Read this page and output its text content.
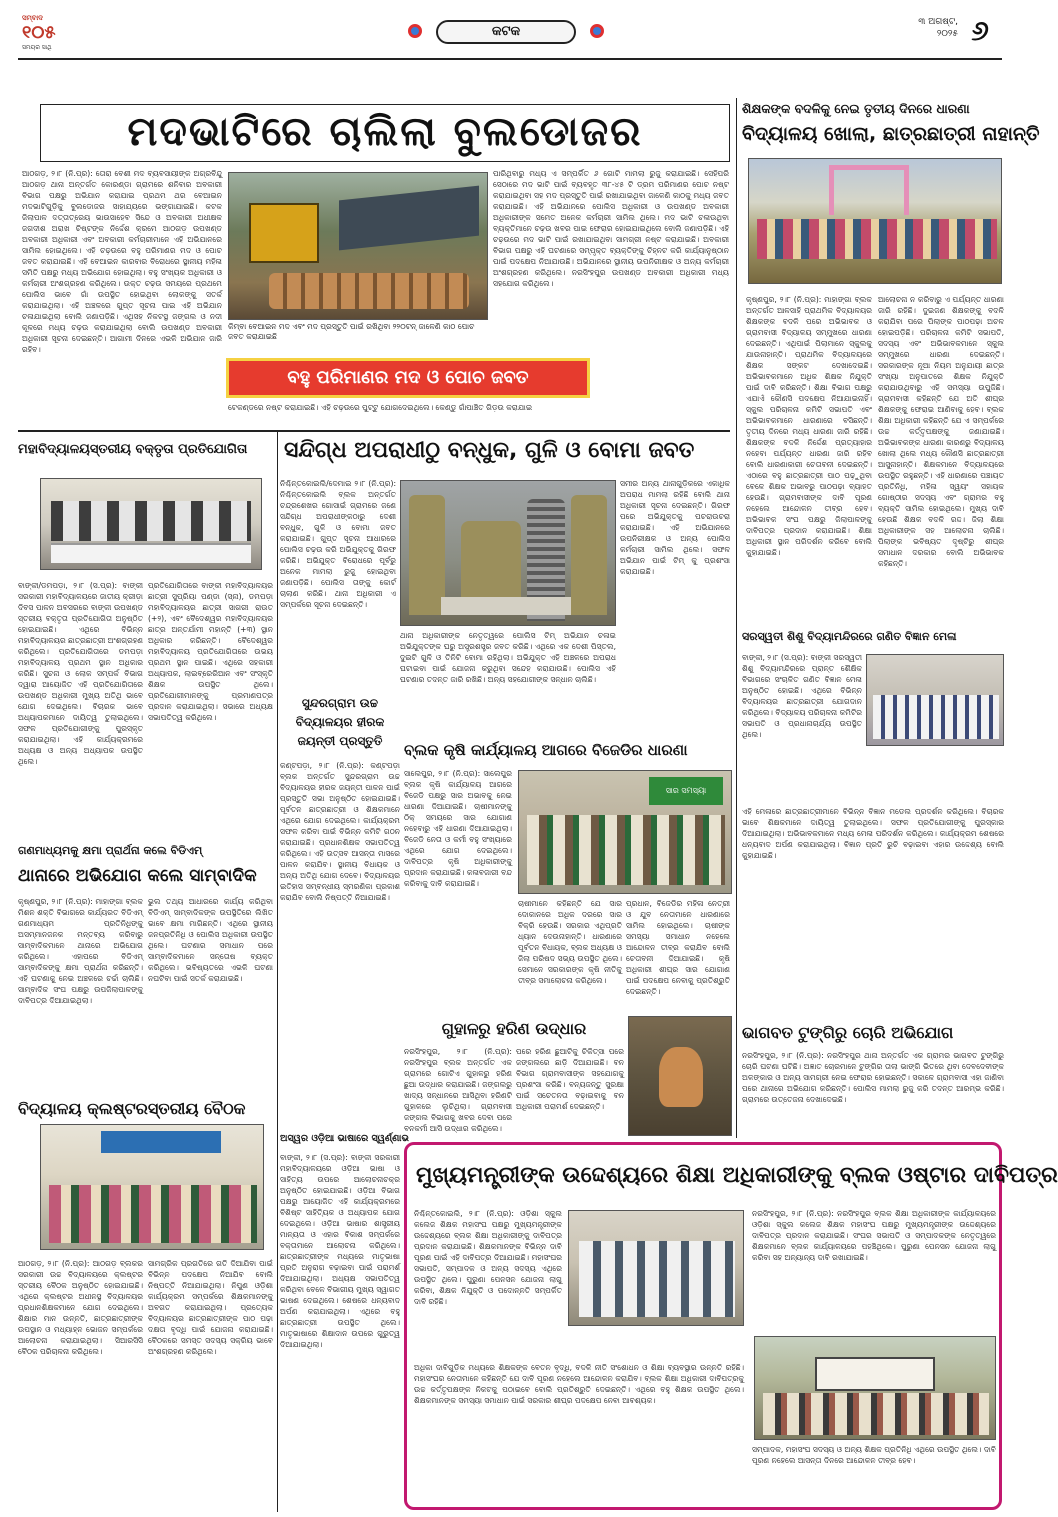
ସମ୍ବାଦ
୧୦୫
ସମୟର ସାଥି
କଟକ
୩ ଅଗଷ୍ଟ,
୨୦୨୫ ୬
ମଦଭାଟିରେ ଚାଲିଲା ବୁଲଡୋଜର
ଆଠଗଡ଼, ୨।୮ (ନି.ପ୍ର): ତୋରା ବେଶୀ ମଦ ବ୍ୟବସାୟୀଙ୍କ ଅଗ୍ରବିନ୍ଦୁ ଆଠଗଡ଼ ଥାନା ଅନ୍ତର୍ଗତ କୋରଣ୍ଡା ଗ୍ରାମରେ ଶନିବାର ଅବକାରୀ ବିଭାଗ ପକ୍ଷରୁ ଅଭିଯାନ କରାଯାଇ ପ୍ରଥମ ଥର ବେଆଇନ ମଦଭାଟିଗୁଡ଼ିକୁ ବୁଲଡୋଜର ସାହାଯ୍ୟରେ ଭଙ୍ଗାଯାଇଛି। କଟକ ଜିଲାପାଳ ଦତ୍ତାତ୍ରେୟ ଭାଉସାହେବ ସିନ୍ଦେ ଓ ଅବକାରୀ ଅଧୀକ୍ଷକ ଜଗଦୀଶ ଅରାଖ ଚିଷ୍ଟଙ୍କ ନିର୍ଦ୍ଦେଶ କ୍ରମେ ଆଠଗଡ଼ ଉପଖଣ୍ଡ ଅବକାରୀ ଅଧିକାରୀ ଏବଂ ଅବକାରୀ କର୍ମଚାରୀମାନେ ଏହି ଅଭିଯାନରେ ସାମିଲ ହୋଇଥିଲେ। ଏହି ଚଢ଼ଉରେ ବହୁ ପରିମାଣର ମଦ ଓ ପୋଚ ଜବତ କରାଯାଇଛି। ଏହି ବେଆଇନ କାରବାର ବିରୋଧରେ ସ୍ଥାନୀୟ ମହିଳା ସମିତି ପକ୍ଷରୁ ମଧ୍ୟ ଅଭିଯୋଗ ହୋଇଥିଲା। ବହୁ ସଂଖ୍ୟକ ଅଧିକାରୀ ଓ କର୍ମଚାରୀ ଅଂଶଗ୍ରହଣ କରିଥିଲେ। ଉକ୍ତ ଚଢ଼ଉ ସମୟରେ ପ୍ରଥମେ ପୋଲିସ ଭାବେ ଗାଁ ଉପସ୍ଥିତ ହୋଇଥିବା ଲୋକଙ୍କୁ ସତର୍କ କରାଯାଇଥିଲା। ଏହି ଅଞ୍ଚଳରେ ଗୁପ୍ତ ସୂଚନା ପାଇ ଏହି ଅଭିଯାନ ଚଳାଯାଇଥିଲା ବୋଲି ଜଣାପଡ଼ିଛି। ଏଥିସହ ନିକଟସ୍ଥ ଜଙ୍ଗଲ ଓ ନଦୀ କୂଳରେ ମଧ୍ୟ ଚଢ଼ଉ କରାଯାଇଥିଲା ବୋଲି ଉପଖଣ୍ଡ ଅବକାରୀ ଅଧିକାରୀ ସୂଚନା ଦେଇଛନ୍ତି। ଆଗାମୀ ଦିନରେ ଏଭଳି ଅଭିଯାନ ଜାରି ରହିବ।
କିମ୍ବା ବେଆଇନ ମଦ ଏବଂ ମଦ ପ୍ରସ୍ତୁତି ପାଇଁ ରଖିଥିବା ୨୨୦ଟନ୍ ଜାଳେଣି କାଠ ପୋଚ ଜବତ କରାଯାଇଛି
ପାରିଥିବାରୁ ମଧ୍ୟ ଏ ସମ୍ପର୍କିତ ୬ ଗୋଟି ମାମଲା ରୁଜୁ କରାଯାଇଛି। ସେହିପରି ସେଠାରେ ମଦ ଭାଟି ପାଇଁ ବ୍ୟବହୃତ ୩୮-୪୫ ଟି ଡ୍ରମ ପରିମାଣର ପୋଚ ନଷ୍ଟ କରାଯାଇଥିବା ସହ ମଦ ପ୍ରସ୍ତୁତି ପାଇଁ ରଖାଯାଇଥିବା ଜାଳେଣି କାଠକୁ ମଧ୍ୟ ଜବତ କରାଯାଇଛି। ଏହି ଅଭିଯାନରେ ପୋଲିସ ଅଧିକାରୀ ଓ ଉପଖଣ୍ଡ ଅବକାରୀ ଅଧିକାରୀଙ୍କ ସମେତ ଅନେକ କର୍ମଚାରୀ ସାମିଲ ଥିଲେ। ମଦ ଭାଟି ଚଳାଉଥିବା ବ୍ୟକ୍ତିମାନେ ଚଢ଼ଉ ଖବର ପାଇ ଫେରାର ହୋଇଯାଇଥିଲେ ବୋଲି ଜଣାପଡ଼ିଛି। ଏହି ଚଢ଼ଉରେ ମଦ ଭାଟି ପାଇଁ ରଖାଯାଇଥିବା ସାମଗ୍ରୀ ନଷ୍ଟ କରାଯାଇଛି। ଅବକାରୀ ବିଭାଗ ପକ୍ଷରୁ ଏହି ଘଟଣାରେ ସମ୍ପୃକ୍ତ ବ୍ୟକ୍ତିଙ୍କୁ ଚିହ୍ନଟ କରି କାର୍ଯ୍ୟାନୁଷ୍ଠାନ ପାଇଁ ପଦକ୍ଷେପ ନିଆଯାଉଛି। ଅଭିଯାନରେ ସ୍ଥାନୀୟ ଉପନିରୀକ୍ଷକ ଓ ଅନ୍ୟ କର୍ମଚାରୀ ଅଂଶଗ୍ରହଣ କରିଥିଲେ। ନରସିଂହପୁର ଉପଖଣ୍ଡ ଅବକାରୀ ଅଧିକାରୀ ମଧ୍ୟ ସହଯୋଗ କରିଥିଲେ।
ବହୁ ପରିମାଣର ମଦ ଓ ପୋଚ ଜବତ
ଟେକଣ୍ଡରେ ନଷ୍ଟ କରାଯାଇଛି। ଏହି ଚଢ଼ଉରେ ପୁଟ୍ଟୁ ଯୋଗଦେଇଥିଲେ। କେଣ୍ଡୁ ଗାଁପାଞ୍ଚିତ ଗିଡ଼ଉ କରାଯାଇ
ଶିକ୍ଷକଙ୍କ ବଦଳିକୁ ନେଇ ତୃତୀୟ ଦିନରେ ଧାରଣା
ବିଦ୍ୟାଳୟ ଖୋଲା, ଛାତ୍ରଛାତ୍ରୀ ନାହାନ୍ତି
କୃଷ୍ଣପୁର, ୨।୮ (ନି.ପ୍ର): ମାହାଙ୍ଗା ବ୍ଲକ ଅନ୍ତର୍ଗତ ଆଳସାହି ପ୍ରାଥମିକ ବିଦ୍ୟାଳୟର ଶିକ୍ଷକଙ୍କ ବଦଳି ପରେ ଅଭିଭାବକ ଓ ଗ୍ରାମବାସୀ ବିଦ୍ୟାଳୟ ସମ୍ମୁଖରେ ଧାରଣା ଦେଇଛନ୍ତି। ଏଥିପାଇଁ ପିଲାମାନେ ସ୍କୁଲକୁ ଯାଉନାହାନ୍ତି। ପ୍ରାଥମିକ ବିଦ୍ୟାଳୟରେ ଶିକ୍ଷକ ସଙ୍କଟ ଦେଖାଦେଇଛି। ଅଭିଭାବକମାନେ ଅଧିକ ଶିକ୍ଷକ ନିଯୁକ୍ତି ପାଇଁ ଦାବି କରିଛନ୍ତି। ଶିକ୍ଷା ବିଭାଗ ପକ୍ଷରୁ ଏଯାଏଁ କୌଣସି ପଦକ୍ଷେପ ନିଆଯାଇନାହିଁ। ସ୍କୁଲ ପରିଚାଳନା କମିଟି ସଭାପତି ଏବଂ ଅଭିଭାବକମାନେ ଧାରଣାରେ ବସିଛନ୍ତି। ତୃତୀୟ ଦିନରେ ମଧ୍ୟ ଧାରଣା ଜାରି ରହିଛି। ଶିକ୍ଷକଙ୍କ ବଦଳି ନିର୍ଦ୍ଦେଶ ପ୍ରତ୍ୟାହାର ନହେବା ପର୍ଯ୍ୟନ୍ତ ଧାରଣା ଜାରି ରହିବ ବୋଲି ଧାରଣାକାରୀ ଚେତାବନୀ ଦେଇଛନ୍ତି। ଏଠାରେ ବହୁ ଛାତ୍ରଛାତ୍ରୀ ପାଠ ପଢ଼ୁଥିବା ବେଳେ ଶିକ୍ଷକ ଅଭାବରୁ ପାଠପଢ଼ା ବ୍ୟାହତ ହେଉଛି। ଗ୍ରାମବାସୀଙ୍କ ଦାବି ପୂରଣ ନହେଲେ ଆନ୍ଦୋଳନ ତୀବ୍ର ହେବ। ଅଭିଭାବକ ସଂଘ ପକ୍ଷରୁ ଜିଲାପାଳଙ୍କୁ ଦାବିପତ୍ର ପ୍ରଦାନ କରାଯାଇଛି। ଶିକ୍ଷା ଅଧିକାରୀ ସ୍ଥାନ ପରିଦର୍ଶନ କରିବେ ବୋଲି କୁହାଯାଇଛି।
ଆଲୋଚନା ନ କରିବାରୁ ଏ ପର୍ଯ୍ୟନ୍ତ ଧାରଣା ଜାରି ରହିଛି। ଦୁଇଜଣ ଶିକ୍ଷକଙ୍କୁ ବଦଳି କରାଯିବା ପରେ ପିଲାଙ୍କ ପାଠପଢ଼ା ଅଚଳ ହୋଇପଡ଼ିଛି। ପରିଚାଳନା କମିଟି ସଭାପତି, ସଦସ୍ୟ ଏବଂ ଅଭିଭାବକମାନେ ସ୍କୁଲ ସମ୍ମୁଖରେ ଧାରଣା ଦେଇଛନ୍ତି। ସରକାରଙ୍କ ନୂଆ ନିୟମ ଅନୁଯାୟୀ ଛାତ୍ର ସଂଖ୍ୟା ଅନୁପାତରେ ଶିକ୍ଷକ ନିଯୁକ୍ତି କରାଯାଉଥିବାରୁ ଏହି ସମସ୍ୟା ଉପୁଜିଛି। ଗ୍ରାମବାସୀ କହିଛନ୍ତି ଯେ ଅତି ଶୀଘ୍ର ଶିକ୍ଷକଙ୍କୁ ଫେରାଇ ଆଣିବାକୁ ହେବ। ବ୍ଲକ ଶିକ୍ଷା ଅଧିକାରୀ କହିଛନ୍ତି ଯେ ଏ ସମ୍ପର୍କରେ ଉଚ୍ଚ କର୍ତ୍ତୃପକ୍ଷଙ୍କୁ ଜଣାଯାଇଛି। ଅଭିଭାବକଙ୍କ ଧାରଣା କାରଣରୁ ବିଦ୍ୟାଳୟ ଖୋଲା ଥିଲେ ମଧ୍ୟ କୌଣସି ଛାତ୍ରଛାତ୍ରୀ ଆସୁନାହାନ୍ତି। ଶିକ୍ଷକମାନେ ବିଦ୍ୟାଳୟରେ ଉପସ୍ଥିତ ରହୁଛନ୍ତି। ଏହି ଧାରଣାରେ ପଞ୍ଚାୟତ ପ୍ରତିନିଧି, ମହିଳା ସ୍ୱୟଂ ସହାୟକ ଗୋଷ୍ଠୀର ସଦସ୍ୟ ଏବଂ ଗ୍ରାମର ବହୁ ବ୍ୟକ୍ତି ସାମିଲ ହୋଇଥିଲେ। ମୁଖ୍ୟ ଦାବି ହେଉଛି ଶିକ୍ଷକ ବଦଳି ରଦ୍ଦ। ଜିଲା ଶିକ୍ଷା ଅଧିକାରୀଙ୍କ ସହ ଆଲୋଚନା ଚାଲିଛି। ପିଲାଙ୍କ ଭବିଷ୍ୟତ ଦୃଷ୍ଟିରୁ ଶୀଘ୍ର ସମାଧାନ ଦରକାର ବୋଲି ଅଭିଭାବକ କହିଛନ୍ତି।
ମହାବିଦ୍ୟାଳୟସ୍ତରୀୟ ବକ୍ତୃତା ପ୍ରତିଯୋଗିତା
ବାଙ୍କୀ/ଡମପଡ଼ା, ୨।୮ (ସ.ପ୍ର): ବାଙ୍କୀ ସରକାରୀ ମହାବିଦ୍ୟାଳୟରେ ଜାତୀୟ କ୍ରୀଡ଼ା ଦିବସ ପାଳନ ଅବସରରେ ବାଙ୍କୀ ଉପଖଣ୍ଡ ସ୍ତରୀୟ ବକ୍ତୃତା ପ୍ରତିଯୋଗିତା ଅନୁଷ୍ଠିତ ହୋଇଯାଇଛି। ଏଥିରେ ବିଭିନ୍ନ ମହାବିଦ୍ୟାଳୟର ଛାତ୍ରଛାତ୍ରୀ ଅଂଶଗ୍ରହଣ କରିଥିଲେ। ପ୍ରତିଯୋଗିତାରେ ଡମପଡ଼ା ମହାବିଦ୍ୟାଳୟ ପ୍ରଥମ ସ୍ଥାନ ଅଧିକାର କରିଛି। ସୁଚନା ଓ ଲୋକ ସମ୍ପର୍କ ବିଭାଗ ଦ୍ୱାରା ଆୟୋଜିତ ଏହି ପ୍ରତିଯୋଗିତାରେ ଉପଖଣ୍ଡ ଅଧିକାରୀ ମୁଖ୍ୟ ଅତିଥି ଭାବେ ଯୋଗ ଦେଇଥିଲେ। ବିଚାରକ ଭାବେ ଅଧ୍ୟାପକମାନେ ଦାୟିତ୍ୱ ତୁଲାଇଥିଲେ। ସଫଳ ପ୍ରତିଯୋଗୀଙ୍କୁ ପୁରସ୍କୃତ କରାଯାଇଥିଲା। ଏହି କାର୍ଯ୍ୟକ୍ରମରେ ଅଧ୍ୟକ୍ଷ ଓ ଅନ୍ୟ ଅଧ୍ୟାପକ ଉପସ୍ଥିତ ଥିଲେ।
ପ୍ରତିଯୋଗିତାରେ ବାଙ୍କୀ ମହାବିଦ୍ୟାଳୟର ଛାତ୍ରୀ ସୁପ୍ରିୟା ପଣ୍ଡା (ସ୍ନା), ଡମପଡ଼ା ମହାବିଦ୍ୟାଳୟର ଛାତ୍ରୀ ସାଗରୀ ରାଉତ (+୨), ଏବଂ ବୈଦେଶ୍ୱର ମହାବିଦ୍ୟାଳୟର ଛାତ୍ର ଅନ୍ତର୍ଯାମୀ ମହାନ୍ତି (+୩) ସ୍ଥାନ ଅଧିକାର କରିଛନ୍ତି। ବୈଦେଶ୍ୱର ମହାବିଦ୍ୟାଳୟ ପ୍ରତିଯୋଗିତାରେ ଉଭୟ ପ୍ରଥମ ସ୍ଥାନ ପାଇଛି। ଏଥିରେ ସହକାରୀ ଅଧ୍ୟାପକ, ଲାଇବ୍ରେରିଆନ ଏବଂ ସଂସ୍କୃତି ଶିକ୍ଷକ ଉପସ୍ଥିତ ଥିଲେ। ପ୍ରତିଯୋଗୀମାନଙ୍କୁ ପ୍ରମାଣପତ୍ର ପ୍ରଦାନ କରାଯାଇଥିଲା। ସଭାରେ ଅଧ୍ୟକ୍ଷ ସଭାପତିତ୍ୱ କରିଥିଲେ।
ସନ୍ଦିଗ୍ଧ ଅପରାଧୀଠୁ ବନ୍ଧୁକ, ଗୁଳି ଓ ବୋମା ଜବତ
ନିଶ୍ଚିନ୍ତକୋଇଲି/ଦେମାଇ ୨।୮ (ନି.ପ୍ର): ନିଶ୍ଚିନ୍ତକୋଇଲି ବ୍ଲକ ଅନ୍ତର୍ଗତ ଚନ୍ଦ୍ରଶେଖର ଗୋସାଇଁ ଗ୍ରାମରେ ଜଣେ ସନ୍ଦିଗ୍ଧ ଅପରାଧୀଙ୍କଠାରୁ ଦେଶୀ ବନ୍ଧୁକ, ଗୁଳି ଓ ବୋମା ଜବତ କରାଯାଇଛି। ଗୁପ୍ତ ସୂଚନା ଆଧାରରେ ପୋଲିସ ଚଢ଼ଉ କରି ଅଭିଯୁକ୍ତକୁ ଗିରଫ କରିଛି। ଅଭିଯୁକ୍ତ ବିରୋଧରେ ପୂର୍ବରୁ ଅନେକ ମାମଲା ରୁଜୁ ହୋଇଥିବା ଜଣାପଡ଼ିଛି। ପୋଲିସ ତାଙ୍କୁ କୋର୍ଟ ଚାଲାଣ କରିଛି। ଥାନା ଅଧିକାରୀ ଏ ସମ୍ପର୍କରେ ସୂଚନା ଦେଇଛନ୍ତି।
ଥାନା ଅଧିକାରୀଙ୍କ ନେତୃତ୍ୱରେ ପୋଲିସ ଟିମ୍ ଅଭିଯାନ ଚଳାଇ ଅଭିଯୁକ୍ତଙ୍କ ଘରୁ ଅସ୍ତ୍ରଶସ୍ତ୍ର ଜବତ କରିଛି। ଏଥିରେ ଏକ ଦେଶୀ ପିସ୍ତଲ, ଦୁଇଟି ଗୁଳି ଓ ତିନିଟି ବୋମା ରହିଥିଲା। ଅଭିଯୁକ୍ତ ଏହି ଅଞ୍ଚଳରେ ଅପରାଧ ଘଟାଇବା ପାଇଁ ଯୋଜନା କରୁଥିବା ସନ୍ଦେହ କରାଯାଉଛି। ପୋଲିସ ଏହି ଘଟଣାର ତଦନ୍ତ ଜାରି ରଖିଛି। ଅନ୍ୟ ସହଯୋଗୀଙ୍କ ସନ୍ଧାନ ଚାଲିଛି।
ସମୀର ଅନ୍ୟ ଥାନାଗୁଡ଼ିକରେ ଏକାଧିକ ଅପରାଧ ମାମଲା ରହିଛି ବୋଲି ଥାନା ଅଧିକାରୀ ସୂଚନା ଦେଇଛନ୍ତି। ଗିରଫ ପରେ ଅଭିଯୁକ୍ତକୁ ପଚରାଉଚରା କରାଯାଇଛି। ଏହି ଅଭିଯାନରେ ଉପନିରୀକ୍ଷକ ଓ ଅନ୍ୟ ପୋଲିସ କର୍ମଚାରୀ ସାମିଲ ଥିଲେ। ସଫଳ ଅଭିଯାନ ପାଇଁ ଟିମ୍ କୁ ପ୍ରଶଂସା କରାଯାଇଛି।
ସୁନ୍ଦରଗ୍ରାମ ଉଚ୍ଚ
ବିଦ୍ୟାଳୟର ହୀରକ
ଜୟନ୍ତୀ ପ୍ରସ୍ତୁତି
କଣ୍ଟପଡ଼ା, ୨।୮ (ନି.ପ୍ର): କଣ୍ଟପଡ଼ା ବ୍ଲକ ଅନ୍ତର୍ଗତ ସୁନ୍ଦରଗ୍ରାମ ଉଚ୍ଚ ବିଦ୍ୟାଳୟର ହୀରକ ଜୟନ୍ତୀ ପାଳନ ପାଇଁ ପ୍ରସ୍ତୁତି ସଭା ଅନୁଷ୍ଠିତ ହୋଇଯାଇଛି। ପୂର୍ବତନ ଛାତ୍ରଛାତ୍ରୀ ଓ ଶିକ୍ଷକମାନେ ଏଥିରେ ଯୋଗ ଦେଇଥିଲେ। କାର୍ଯ୍ୟକ୍ରମ ସଫଳ କରିବା ପାଇଁ ବିଭିନ୍ନ କମିଟି ଗଠନ କରାଯାଇଛି। ପ୍ରଧାନଶିକ୍ଷକ ସଭାପତିତ୍ୱ କରିଥିଲେ। ଏହି ଉତ୍ସବ ଆସନ୍ତା ମାସରେ ପାଳନ କରାଯିବ। ସ୍ଥାନୀୟ ବିଧାୟକ ଓ ଅନ୍ୟ ଅତିଥି ଯୋଗ ଦେବେ। ବିଦ୍ୟାଳୟର ଇତିହାସ ସମ୍ବନ୍ଧୀୟ ସ୍ମରଣିକା ପ୍ରକାଶ କରାଯିବ ବୋଲି ନିଷ୍ପତ୍ତି ନିଆଯାଇଛି।
ବ୍ଲକ କୃଷି କାର୍ଯ୍ୟାଳୟ ଆଗରେ ବିଜେଡିର ଧାରଣା
ସାଲେପୁର, ୨।୮ (ନି.ପ୍ର): ସାଲେପୁର ବ୍ଲକ କୃଷି କାର୍ଯ୍ୟାଳୟ ଆଗରେ ବିଜେଡି ପକ୍ଷରୁ ସାର ଅଭାବକୁ ନେଇ ଧାରଣା ଦିଆଯାଇଛି। ଚାଷୀମାନଙ୍କୁ ଠିକ୍ ସମୟରେ ସାର ଯୋଗାଣ ନହେବାରୁ ଏହି ଧାରଣା ଦିଆଯାଇଥିଲା। ବିଜେଡି ନେତା ଓ କର୍ମୀ ବହୁ ସଂଖ୍ୟାରେ ଏଥିରେ ଯୋଗ ଦେଇଥିଲେ। ଦାବିପତ୍ର କୃଷି ଅଧିକାରୀଙ୍କୁ ପ୍ରଦାନ କରାଯାଇଛି। କଳାବଜାରୀ ବନ୍ଦ କରିବାକୁ ଦାବି କରାଯାଇଛି।
ସାର ସମସ୍ୟା
ଚାଷୀମାନେ କହିଛନ୍ତି ଯେ ସାର ଦୋକାନରେ ଅଧିକ ଦରରେ ସାର ବିକ୍ରି ହେଉଛି। ସରକାର ଏଥିପ୍ରତି ଧ୍ୟାନ ଦେଉନାହାନ୍ତି। ଧାରଣାରେ ପୂର୍ବତନ ବିଧାୟକ, ବ୍ଲକ ଅଧ୍ୟକ୍ଷ ଓ ଜିଲା ପରିଷଦ ସଭ୍ୟ ଉପସ୍ଥିତ ଥିଲେ। ସେମାନେ ସରକାରଙ୍କ କୃଷି ନୀତିକୁ ତୀବ୍ର ସମାଲୋଚନା କରିଥିଲେ।
ପ୍ରଧାନ, ବିଜେଡିର ମହିଳା ନେତ୍ରୀ ଓ ଯୁବ ନେତାମାନେ ଧାରଣାରେ ସାମିଲ ହୋଇଥିଲେ। ଚାଷୀଙ୍କ ସମସ୍ୟା ସମାଧାନ ନହେଲେ ଆନ୍ଦୋଳନ ତୀବ୍ର କରାଯିବ ବୋଲି ଚେତାବନୀ ଦିଆଯାଇଛି। କୃଷି ଅଧିକାରୀ ଶୀଘ୍ର ସାର ଯୋଗାଣ ପାଇଁ ପଦକ୍ଷେପ ନେବାକୁ ପ୍ରତିଶ୍ରୁତି ଦେଇଛନ୍ତି।
ସରସ୍ୱତୀ ଶିଶୁ ବିଦ୍ୟାମନ୍ଦିରରେ ଗଣିତ ବିଜ୍ଞାନ ମେଳା
ବାଙ୍କୀ, ୨।୮ (ସ.ପ୍ର): ବାଙ୍କୀ ସରସ୍ୱତୀ ଶିଶୁ ବିଦ୍ୟାମନ୍ଦିରରେ ପ୍ରାନ୍ତ ଶୈକ୍ଷିକ ବିଭାଗରେ ସଂଚାଳିତ ଗଣିତ ବିଜ୍ଞାନ ମେଳା ଅନୁଷ୍ଠିତ ହୋଇଛି। ଏଥିରେ ବିଭିନ୍ନ ବିଦ୍ୟାଳୟର ଛାତ୍ରଛାତ୍ରୀ ଯୋଗଦାନ କରିଥିଲେ। ବିଦ୍ୟାଳୟ ପରିଚାଳନା କମିଟିର ସଭାପତି ଓ ପ୍ରଧାନାଚାର୍ଯ୍ୟ ଉପସ୍ଥିତ ଥିଲେ।
ଏହି ମେଳାରେ ଛାତ୍ରଛାତ୍ରୀମାନେ ବିଭିନ୍ନ ବିଜ୍ଞାନ ମଡେଲ ପ୍ରଦର୍ଶନ କରିଥିଲେ। ବିଚାରକ ଭାବେ ଶିକ୍ଷକମାନେ ଦାୟିତ୍ୱ ତୁଲାଇଥିଲେ। ସଫଳ ପ୍ରତିଯୋଗୀଙ୍କୁ ପୁରସ୍କାର ଦିଆଯାଇଥିଲା। ଅଭିଭାବକମାନେ ମଧ୍ୟ ମେଳା ପରିଦର୍ଶନ କରିଥିଲେ। କାର୍ଯ୍ୟକ୍ରମ ଶେଷରେ ଧନ୍ୟବାଦ ଅର୍ପଣ କରାଯାଇଥିଲା। ବିଜ୍ଞାନ ପ୍ରତି ରୁଚି ବଢ଼ାଇବା ଏହାର ଉଦ୍ଦେଶ୍ୟ ବୋଲି କୁହାଯାଇଛି।
ଗଣମାଧ୍ୟମକୁ କ୍ଷମା ପ୍ରାର୍ଥନା କଲେ ବିଡିଏମ୍
ଥାନାରେ ଅଭିଯୋଗ କଲେ ସାମ୍ବାଦିକ
କୃଷ୍ଣପୁର, ୨।୮ (ନି.ପ୍ର): ମାହାଙ୍ଗା ବ୍ଲକ ମିଶନ ଶକ୍ତି ବିଭାଗରେ କାର୍ଯ୍ୟରତ ବିଡିଏମ୍ ଗଣମାଧ୍ୟମ ପ୍ରତିନିଧିଙ୍କୁ ଅସମ୍ମାନଜନକ ମନ୍ତବ୍ୟ କରିବାରୁ ସାମ୍ବାଦିକମାନେ ଥାନାରେ ଅଭିଯୋଗ କରିଥିଲେ। ଏହାପରେ ବିଡିଏମ୍ ସାମ୍ବାଦିକଙ୍କୁ କ୍ଷମା ପ୍ରାର୍ଥନା କରିଛନ୍ତି। ଏହି ଘଟଣାକୁ ନେଇ ଅଞ୍ଚଳରେ ଚର୍ଚ୍ଚା ଚାଲିଛି। ସାମ୍ବାଦିକ ସଂଘ ପକ୍ଷରୁ ଉପଜିଲାପାଳଙ୍କୁ ଦାବିପତ୍ର ଦିଆଯାଇଥିଲା।
ଭୁଲ ତଥ୍ୟ ଆଧାରରେ କାର୍ଯ୍ୟ କରିଥିବା ବିଡିଏମ୍ ସାମ୍ବାଦିକଙ୍କ ଉପସ୍ଥିତିରେ ଲିଖିତ ଭାବେ କ୍ଷମା ମାଗିଛନ୍ତି। ଏଥିରେ ସ୍ଥାନୀୟ ଜନପ୍ରତିନିଧି ଓ ପୋଲିସ ଅଧିକାରୀ ଉପସ୍ଥିତ ଥିଲେ। ଘଟଣାର ସମାଧାନ ପରେ ସାମ୍ବାଦିକମାନେ ସନ୍ତୋଷ ବ୍ୟକ୍ତ କରିଥିଲେ। ଭବିଷ୍ୟତରେ ଏଭଳି ଘଟଣା ନଘଟିବା ପାଇଁ ସତର୍କ କରାଯାଇଛି।
ଗୁହାଳରୁ ହରିଣ ଉଦ୍ଧାର
ନରସିଂହପୁର, ୨।୮ (ନି.ପ୍ର): ନରସିଂହପୁର ବ୍ଲକ ଅନ୍ତର୍ଗତ ଏକ ଗ୍ରାମରେ ଗୋଟିଏ ଗୁହାଳରୁ ହରିଣ ଛୁଆ ଉଦ୍ଧାର କରାଯାଇଛି। ଜଙ୍ଗଲରୁ ଖାଦ୍ୟ ସନ୍ଧାନରେ ଆସିଥିବା ହରିଣଟି ଗୁହାଳରେ ଲୁଚିଥିଲା। ଗ୍ରାମବାସୀ ଜଙ୍ଗଲ ବିଭାଗକୁ ଖବର ଦେବା ପରେ ବନକର୍ମୀ ଆସି ଉଦ୍ଧାର କରିଥିଲେ।
ପରେ ହରିଣ ଛୁଆଟିକୁ ଚିକିତ୍ସା ପରେ ଜଙ୍ଗଲରେ ଛାଡ଼ି ଦିଆଯାଇଛି। ବନ ବିଭାଗ ଗ୍ରାମବାସୀଙ୍କ ସହଯୋଗକୁ ପ୍ରଶଂସା କରିଛି। ବନ୍ୟଜନ୍ତୁ ସୁରକ୍ଷା ପାଇଁ ସଚେତନତା ବଢ଼ାଇବାକୁ ବନ ଅଧିକାରୀ ପରାମର୍ଶ ଦେଇଛନ୍ତି।
ଭାଗବତ ଟୁଙ୍ଗିରୁ ଚୋରି ଅଭିଯୋଗ
ନରସିଂହପୁର, ୨।୮ (ନି.ପ୍ର): ନରସିଂହପୁର ଥାନା ଅନ୍ତର୍ଗତ ଏକ ଗ୍ରାମର ଭାଗବତ ଟୁଙ୍ଗିରୁ ଚୋରି ଘଟଣା ଘଟିଛି। ଅଜ୍ଞାତ ଚୋରମାନେ ଟୁଙ୍ଗିର ତାଲା ଭାଙ୍ଗି ଭିତରେ ଥିବା ଦେବଦେବୀଙ୍କ ଅଳଙ୍କାର ଓ ଅନ୍ୟ ସାମଗ୍ରୀ ନେଇ ଫେରାର ହୋଇଛନ୍ତି। ସକାଳେ ଗ୍ରାମବାସୀ ଏହା ଜାଣିବା ପରେ ଥାନାରେ ଅଭିଯୋଗ କରିଛନ୍ତି। ପୋଲିସ ମାମଲା ରୁଜୁ କରି ତଦନ୍ତ ଆରମ୍ଭ କରିଛି। ଗ୍ରାମରେ ଉତ୍ତେଜନା ଦେଖାଦେଇଛି।
ବିଦ୍ୟାଳୟ କ୍ଲଷ୍ଟରସ୍ତରୀୟ ବୈଠକ
ଆଠଗଡ଼, ୨।୮ (ନି.ପ୍ର): ଆଠଗଡ଼ ବ୍ଲକର ସରକାରୀ ଉଚ୍ଚ ବିଦ୍ୟାଳୟରେ କ୍ଲଷ୍ଟର ସ୍ତରୀୟ ବୈଠକ ଅନୁଷ୍ଠିତ ହୋଇଯାଇଛି। ଏଥିରେ କ୍ଲଷ୍ଟର ଅଧୀନସ୍ଥ ବିଦ୍ୟାଳୟର ପ୍ରଧାନଶିକ୍ଷକମାନେ ଯୋଗ ଦେଇଥିଲେ। ଶିକ୍ଷାର ମାନ ଉନ୍ନତି, ଛାତ୍ରଛାତ୍ରୀଙ୍କ ଉପସ୍ଥାନ ଓ ମଧ୍ୟାହ୍ନ ଭୋଜନ ସମ୍ପର୍କରେ ଆଲୋଚନା କରାଯାଇଥିଲା। ସିଆରସିସି ବୈଠକ ପରିଚାଳନା କରିଥିଲେ।
ସାମଗ୍ରିକ ପ୍ରଗତିରେ ଗତି ଦିଆଯିବା ପାଇଁ ବିଭିନ୍ନ ପଦକ୍ଷେପ ନିଆଯିବ ବୋଲି ନିଷ୍ପତ୍ତି ନିଆଯାଇଥିଲା। ନିପୁଣ ଓଡ଼ିଶା କାର୍ଯ୍ୟକ୍ରମ ସମ୍ପର୍କରେ ଶିକ୍ଷକମାନଙ୍କୁ ଅବଗତ କରାଯାଇଥିଲା। ପ୍ରତ୍ୟେକ ବିଦ୍ୟାଳୟର ଛାତ୍ରଛାତ୍ରୀଙ୍କ ପାଠ ପଢ଼ା ଦକ୍ଷତା ବୃଦ୍ଧି ପାଇଁ ଯୋଜନା କରାଯାଇଛି। ବୈଠକରେ ସମସ୍ତ ସଦସ୍ୟ ସକ୍ରିୟ ଭାବେ ଅଂଶଗ୍ରହଣ କରିଥିଲେ।
ଅସ୍ୱର ଓଡ଼ିଆ ଭାଷାରେ ସ୍ୱର୍ଣ୍ଣାଭ
ବାଙ୍କୀ, ୨।୮ (ସ.ପ୍ର): ବାଙ୍କୀ ସରକାରୀ ମହାବିଦ୍ୟାଳୟରେ ଓଡ଼ିଆ ଭାଷା ଓ ସାହିତ୍ୟ ଉପରେ ଆଲୋଚନାଚକ୍ର ଅନୁଷ୍ଠିତ ହୋଇଯାଇଛି। ଓଡ଼ିଆ ବିଭାଗ ପକ୍ଷରୁ ଆୟୋଜିତ ଏହି କାର୍ଯ୍ୟକ୍ରମରେ ବିଶିଷ୍ଟ ସାହିତ୍ୟିକ ଓ ଅଧ୍ୟାପକ ଯୋଗ ଦେଇଥିଲେ। ଓଡ଼ିଆ ଭାଷାର ଶାସ୍ତ୍ରୀୟ ମାନ୍ୟତା ଓ ଏହାର ବିକାଶ ସମ୍ପର୍କରେ ବକ୍ତାମାନେ ଆଲୋଚନା କରିଥିଲେ। ଛାତ୍ରଛାତ୍ରୀଙ୍କ ମଧ୍ୟରେ ମାତୃଭାଷା ପ୍ରତି ଅନୁରାଗ ବଢ଼ାଇବା ପାଇଁ ପରାମର୍ଶ ଦିଆଯାଇଥିଲା। ଅଧ୍ୟକ୍ଷ ସଭାପତିତ୍ୱ କରିଥିବା ବେଳେ ବିଭାଗୀୟ ମୁଖ୍ୟ ସ୍ୱାଗତ ଭାଷଣ ଦେଇଥିଲେ। ଶେଷରେ ଧନ୍ୟବାଦ ଅର୍ପଣ କରାଯାଇଥିଲା। ଏଥିରେ ବହୁ ଛାତ୍ରଛାତ୍ରୀ ଉପସ୍ଥିତ ଥିଲେ। ମାତୃଭାଷାରେ ଶିକ୍ଷାଦାନ ଉପରେ ଗୁରୁତ୍ୱ ଦିଆଯାଇଥିଲା।
ମୁଖ୍ୟମନ୍ତ୍ରୀଙ୍କ ଉଦ୍ଦେଶ୍ୟରେ ଶିକ୍ଷା ଅଧିକାରୀଙ୍କୁ ବ୍ଲକ ଓଷ୍ଟାର ଦାବିପତ୍ର
ନିଶ୍ଚିନ୍ତକୋଇଲି, ୨।୮ (ନି.ପ୍ର): ଓଡ଼ିଶା ସ୍କୁଲ କଲେଜ ଶିକ୍ଷକ ମହାସଂଘ ପକ୍ଷରୁ ମୁଖ୍ୟମନ୍ତ୍ରୀଙ୍କ ଉଦ୍ଦେଶ୍ୟରେ ବ୍ଲକ ଶିକ୍ଷା ଅଧିକାରୀଙ୍କୁ ଦାବିପତ୍ର ପ୍ରଦାନ କରାଯାଇଛି। ଶିକ୍ଷକମାନଙ୍କ ବିଭିନ୍ନ ଦାବି ପୂରଣ ପାଇଁ ଏହି ଦାବିପତ୍ର ଦିଆଯାଇଛି। ମହାସଂଘର ସଭାପତି, ସମ୍ପାଦକ ଓ ଅନ୍ୟ ସଦସ୍ୟ ଏଥିରେ ଉପସ୍ଥିତ ଥିଲେ। ପୁରୁଣା ପେନସନ ଯୋଜନା ଲାଗୁ କରିବା, ଶିକ୍ଷକ ନିଯୁକ୍ତି ଓ ପଦୋନ୍ନତି ସମ୍ପର୍କିତ ଦାବି ରହିଛି।
ଅଧିକା ଦାବିଗୁଡ଼ିକ ମଧ୍ୟରେ ଶିକ୍ଷକଙ୍କ ବେତନ ବୃଦ୍ଧି, ବଦଳି ନୀତି ସଂଶୋଧନ ଓ ଶିକ୍ଷା ବ୍ୟବସ୍ଥାର ଉନ୍ନତି ରହିଛି। ମହାସଂଘର ନେତାମାନେ କହିଛନ୍ତି ଯେ ଦାବି ପୂରଣ ନହେଲେ ଆନ୍ଦୋଳନ କରାଯିବ। ବ୍ଲକ ଶିକ୍ଷା ଅଧିକାରୀ ଦାବିପତ୍ରକୁ ଉଚ୍ଚ କର୍ତ୍ତୃପକ୍ଷଙ୍କ ନିକଟକୁ ପଠାଇବେ ବୋଲି ପ୍ରତିଶ୍ରୁତି ଦେଇଛନ୍ତି। ଏଥିରେ ବହୁ ଶିକ୍ଷକ ଉପସ୍ଥିତ ଥିଲେ। ଶିକ୍ଷକମାନଙ୍କ ସମସ୍ୟା ସମାଧାନ ପାଇଁ ସରକାର ଶୀଘ୍ର ପଦକ୍ଷେପ ନେବା ଆବଶ୍ୟକ।
ନରସିଂହପୁର, ୨।୮ (ନି.ପ୍ର): ନରସିଂହପୁର ବ୍ଲକ ଶିକ୍ଷା ଅଧିକାରୀଙ୍କ କାର୍ଯ୍ୟାଳୟରେ ଓଡ଼ିଶା ସ୍କୁଲ କଲେଜ ଶିକ୍ଷକ ମହାସଂଘ ପକ୍ଷରୁ ମୁଖ୍ୟମନ୍ତ୍ରୀଙ୍କ ଉଦ୍ଦେଶ୍ୟରେ ଦାବିପତ୍ର ପ୍ରଦାନ କରାଯାଇଛି। ସଂଘର ସଭାପତି ଓ ସମ୍ପାଦକଙ୍କ ନେତୃତ୍ୱରେ ଶିକ୍ଷକମାନେ ବ୍ଲକ କାର୍ଯ୍ୟାଳୟରେ ପହଞ୍ଚିଥିଲେ। ପୁରୁଣା ପେନସନ ଯୋଜନା ଲାଗୁ କରିବା ସହ ଅନ୍ୟାନ୍ୟ ଦାବି ରଖାଯାଇଛି।
ସମ୍ପାଦକ, ମହାସଂଘ ସଦସ୍ୟ ଓ ଅନ୍ୟ ଶିକ୍ଷକ ପ୍ରତିନିଧି ଏଥିରେ ଉପସ୍ଥିତ ଥିଲେ। ଦାବି ପୂରଣ ନହେଲେ ଆସନ୍ତା ଦିନରେ ଆନ୍ଦୋଳନ ତୀବ୍ର ହେବ।
